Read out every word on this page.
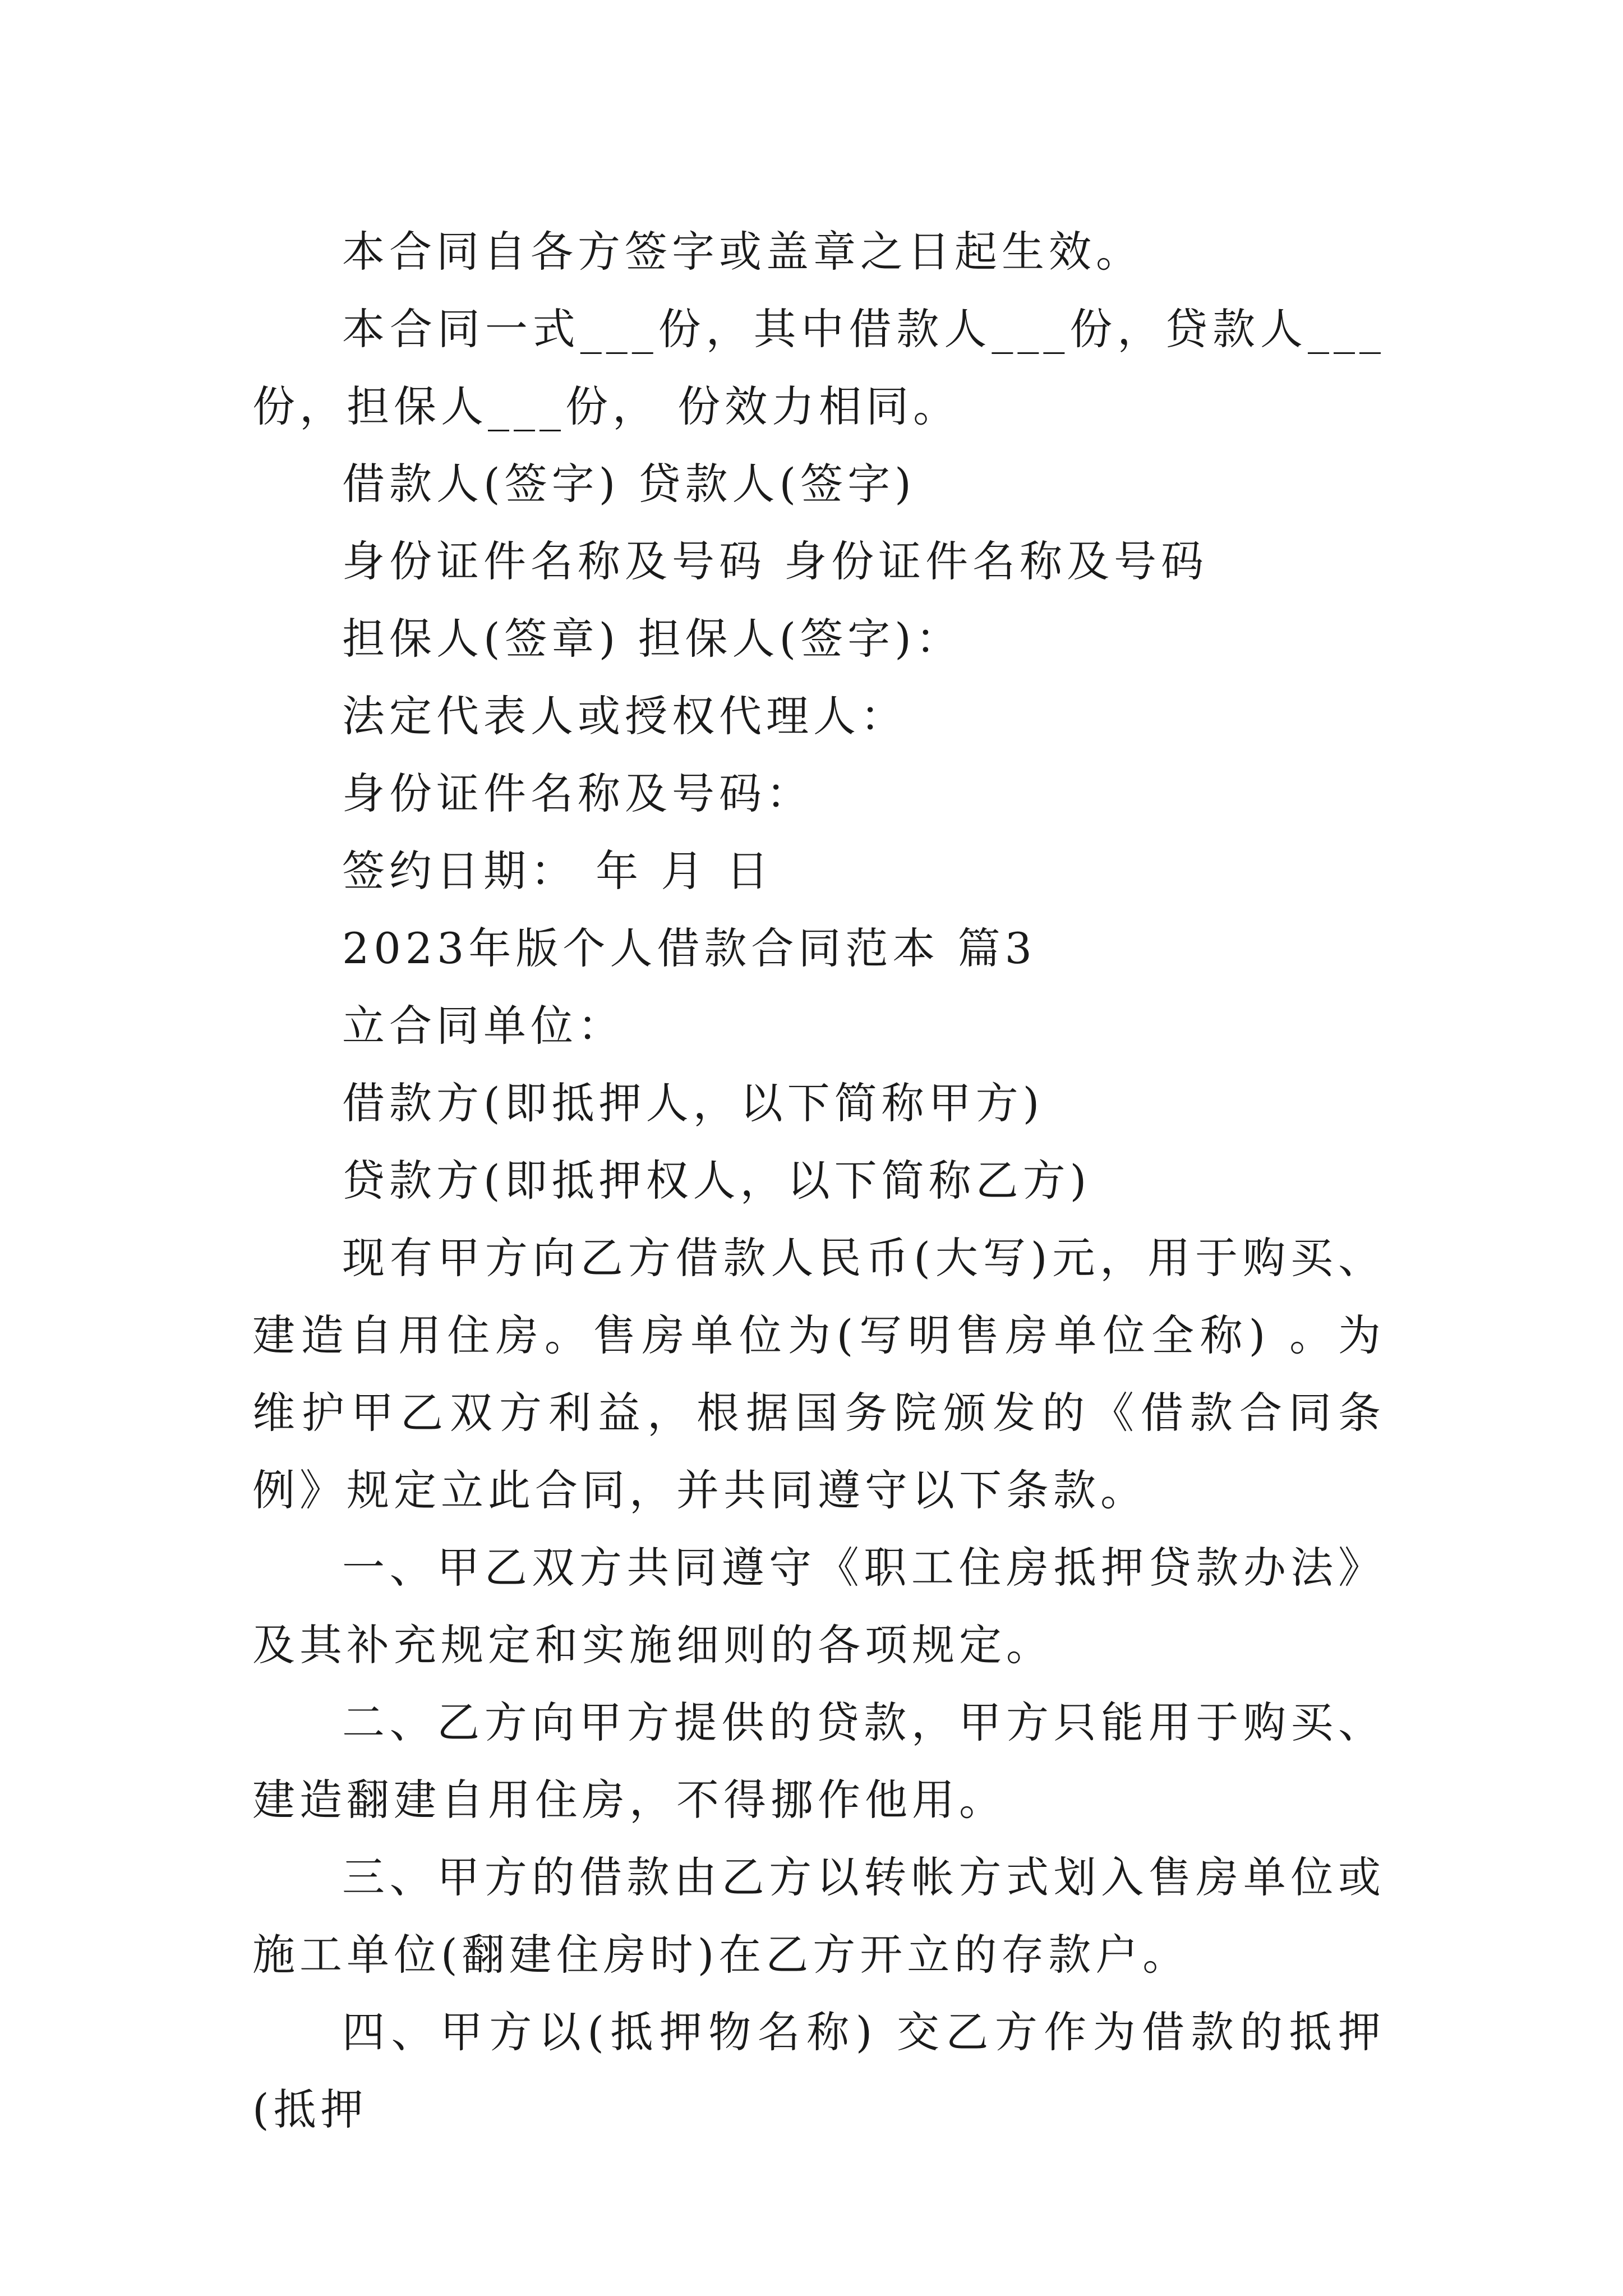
本合同自各方签字或盖章之日起生效。

本合同一式___份，其中借款人___份，贷款人___份，担保人___份， 份效力相同。

借款人(签字) 贷款人(签字)

身份证件名称及号码 身份证件名称及号码

担保人(签章) 担保人(签字)：

法定代表人或授权代理人：

身份证件名称及号码：

签约日期： 年 月 日

2023年版个人借款合同范本 篇3

立合同单位：

借款方(即抵押人，以下简称甲方)

贷款方(即抵押权人，以下简称乙方)

现有甲方向乙方借款人民币(大写)元，用于购买、建造自用住房。售房单位为(写明售房单位全称) 。为维护甲乙双方利益，根据国务院颁发的《借款合同条例》规定立此合同，并共同遵守以下条款。

一、甲乙双方共同遵守《职工住房抵押贷款办法》及其补充规定和实施细则的各项规定。

二、乙方向甲方提供的贷款，甲方只能用于购买、建造翻建自用住房，不得挪作他用。

三、甲方的借款由乙方以转帐方式划入售房单位或施工单位(翻建住房时)在乙方开立的存款户。

四、甲方以(抵押物名称) 交乙方作为借款的抵押(抵押
